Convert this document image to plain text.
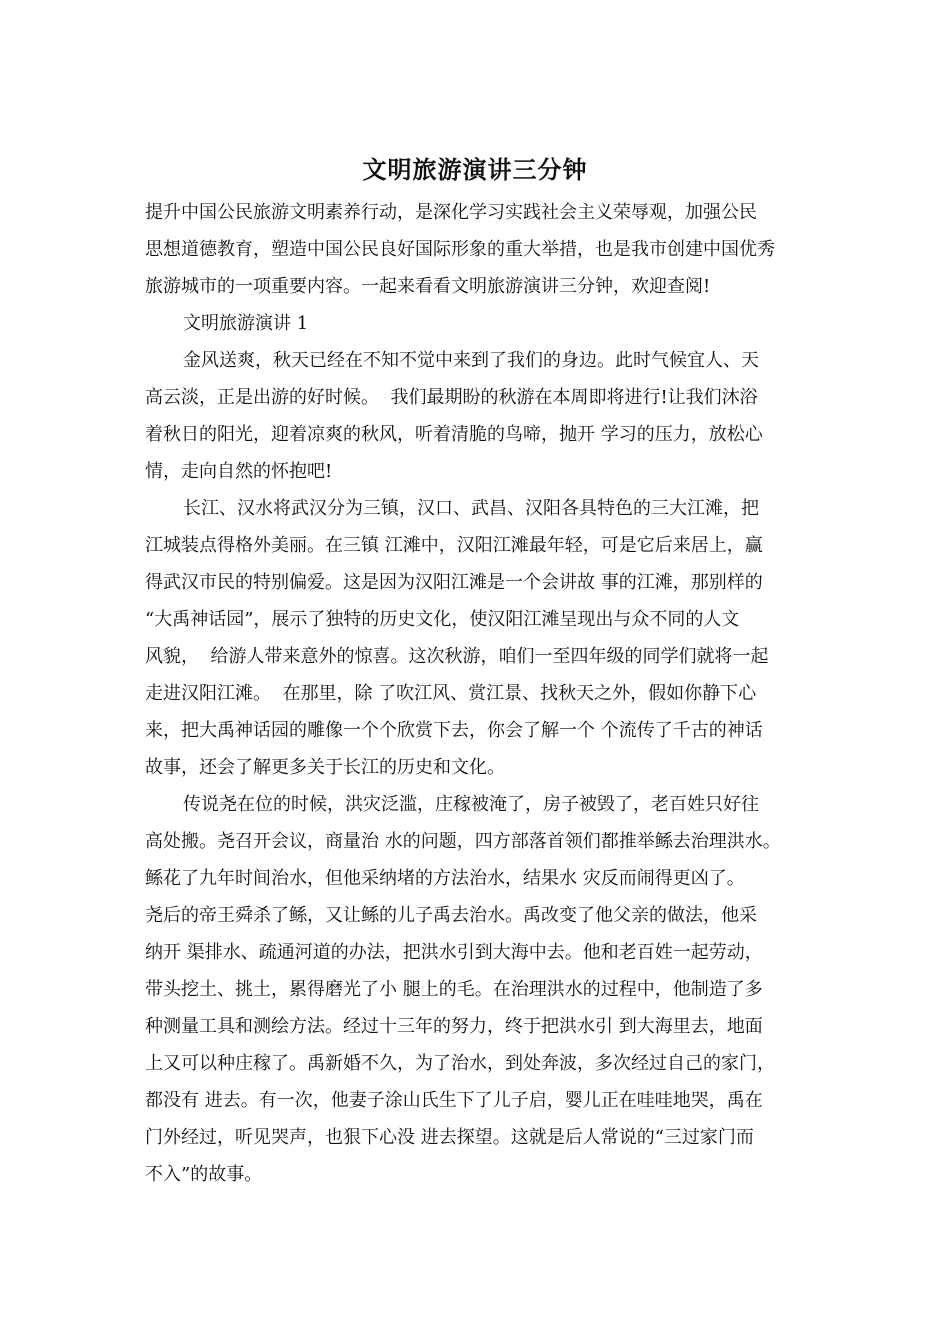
文明旅游演讲三分钟

提升中国公民旅游文明素养行动，是深化学习实践社会主义荣辱观，加强公民

思想道德教育，塑造中国公民良好国际形象的重大举措，也是我市创建中国优秀

旅游城市的一项重要内容。一起来看看文明旅游演讲三分钟，欢迎查阅!

文明旅游演讲 1

金风送爽，秋天已经在不知不觉中来到了我们的身边。此时气候宜人、天

高云淡，正是出游的好时候。  我们最期盼的秋游在本周即将进行!让我们沐浴

着秋日的阳光，迎着凉爽的秋风，听着清脆的鸟啼，抛开 学习的压力，放松心

情，走向自然的怀抱吧!

长江、汉水将武汉分为三镇，汉口、武昌、汉阳各具特色的三大江滩，把

江城装点得格外美丽。在三镇 江滩中，汉阳江滩最年轻，可是它后来居上，赢

得武汉市民的特别偏爱。这是因为汉阳江滩是一个会讲故 事的江滩，那别样的

“大禹神话园”，展示了独特的历史文化，使汉阳江滩呈现出与众不同的人文

风貌，  给游人带来意外的惊喜。这次秋游，咱们一至四年级的同学们就将一起

走进汉阳江滩。  在那里，除 了吹江风、赏江景、找秋天之外，假如你静下心

来，把大禹神话园的雕像一个个欣赏下去，你会了解一个 个流传了千古的神话

故事，还会了解更多关于长江的历史和文化。

传说尧在位的时候，洪灾泛滥，庄稼被淹了，房子被毁了，老百姓只好往

高处搬。尧召开会议，商量治 水的问题，四方部落首领们都推举鲧去治理洪水。

鲧花了九年时间治水，但他采纳堵的方法治水，结果水 灾反而闹得更凶了。

尧后的帝王舜杀了鲧，又让鲧的儿子禹去治水。禹改变了他父亲的做法，他采

纳开 渠排水、疏通河道的办法，把洪水引到大海中去。他和老百姓一起劳动，

带头挖土、挑土，累得磨光了小 腿上的毛。在治理洪水的过程中，他制造了多

种测量工具和测绘方法。经过十三年的努力，终于把洪水引 到大海里去，地面

上又可以种庄稼了。禹新婚不久，为了治水，到处奔波，多次经过自己的家门，

都没有 进去。有一次，他妻子涂山氏生下了儿子启，婴儿正在哇哇地哭，禹在

门外经过，听见哭声，也狠下心没 进去探望。这就是后人常说的“三过家门而

不入”的故事。
